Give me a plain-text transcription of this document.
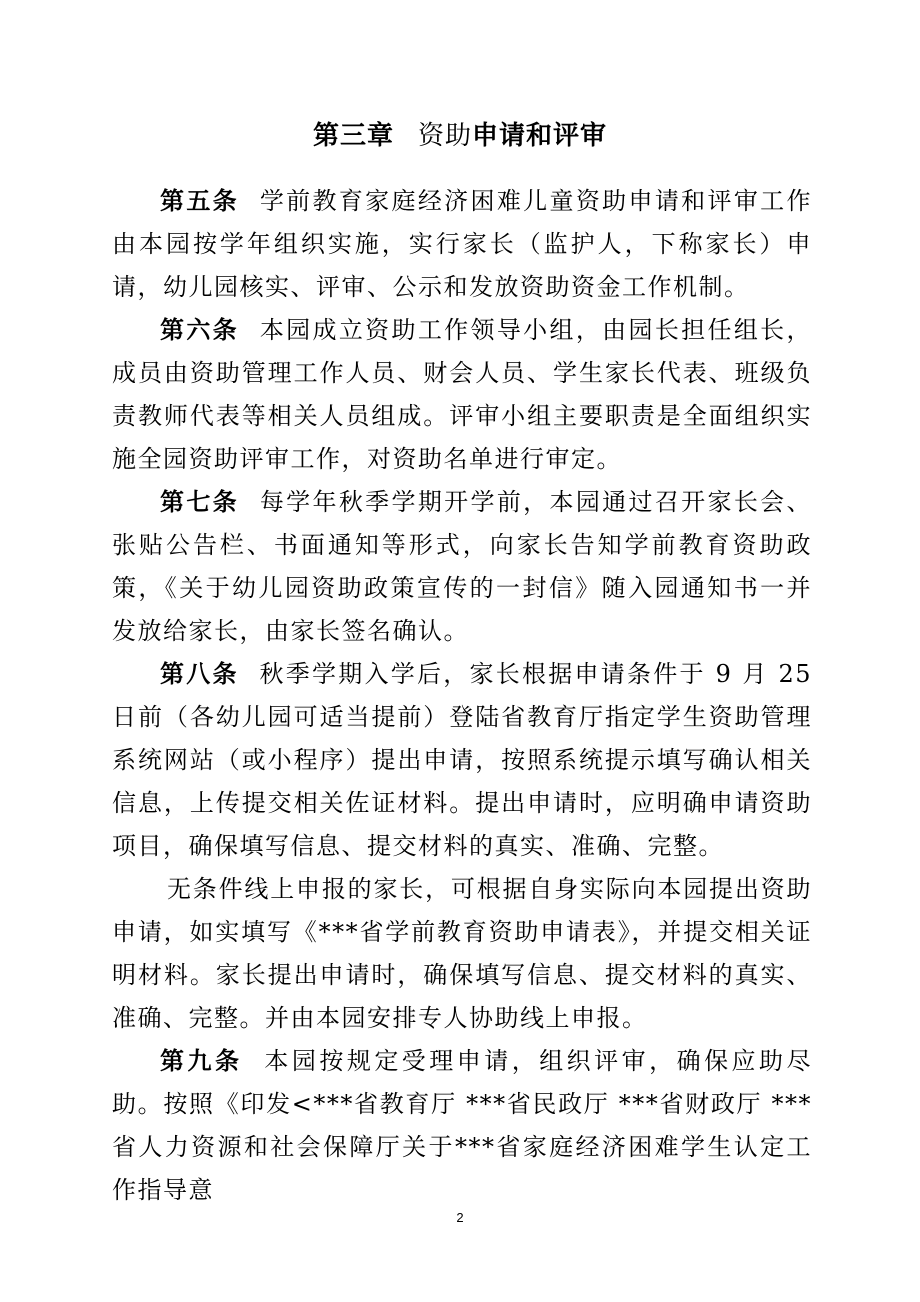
第三章 资助申请和评审

第五条 学前教育家庭经济困难儿童资助申请和评审工作由本园按学年组织实施，实行家长（监护人，下称家长）申请，幼儿园核实、评审、公示和发放资助资金工作机制。

第六条 本园成立资助工作领导小组，由园长担任组长，成员由资助管理工作人员、财会人员、学生家长代表、班级负责教师代表等相关人员组成。评审小组主要职责是全面组织实施全园资助评审工作，对资助名单进行审定。

第七条 每学年秋季学期开学前，本园通过召开家长会、张贴公告栏、书面通知等形式，向家长告知学前教育资助政策，《关于幼儿园资助政策宣传的一封信》随入园通知书一并发放给家长，由家长签名确认。

第八条 秋季学期入学后，家长根据申请条件于 9 月 25 日前（各幼儿园可适当提前）登陆省教育厅指定学生资助管理系统网站（或小程序）提出申请，按照系统提示填写确认相关信息，上传提交相关佐证材料。提出申请时，应明确申请资助项目，确保填写信息、提交材料的真实、准确、完整。

无条件线上申报的家长，可根据自身实际向本园提出资助申请，如实填写《***省学前教育资助申请表》，并提交相关证明材料。家长提出申请时，确保填写信息、提交材料的真实、准确、完整。并由本园安排专人协助线上申报。

第九条 本园按规定受理申请，组织评审，确保应助尽助。按照《印发<***省教育厅 ***省民政厅 ***省财政厅 ***省人力资源和社会保障厅关于***省家庭经济困难学生认定工作指导意

2
